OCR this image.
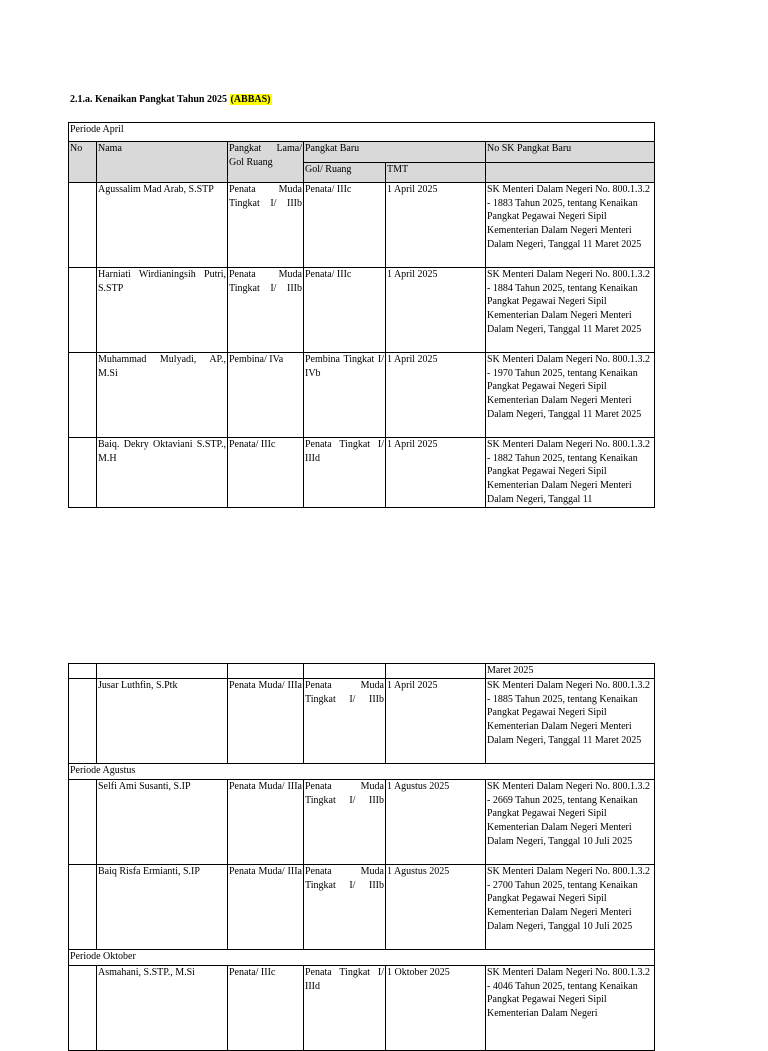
2.1.a. Kenaikan Pangkat Tahun 2025 (ABBAS)
Periode April					
No	Nama	Pangkat Lama/ Gol Ruang	Pangkat Baru		No SK Pangkat Baru
			Gol/ Ruang	TMT	
	Agussalim Mad Arab, S.STP	Penata Muda Tingkat I/ IIIb	Penata/ IIIc	1 April 2025	SK Menteri Dalam Negeri No. 800.1.3.2 - 1883 Tahun 2025, tentang Kenaikan Pangkat Pegawai Negeri Sipil Kementerian Dalam Negeri Menteri Dalam Negeri, Tanggal 11 Maret 2025
	Harniati Wirdianingsih Putri, S.STP	Penata Muda Tingkat I/ IIIb	Penata/ IIIc	1 April 2025	SK Menteri Dalam Negeri No. 800.1.3.2 - 1884 Tahun 2025, tentang Kenaikan Pangkat Pegawai Negeri Sipil Kementerian Dalam Negeri Menteri Dalam Negeri, Tanggal 11 Maret 2025
	Muhammad Mulyadi, AP., M.Si	Pembina/ IVa	Pembina Tingkat I/ IVb	1 April 2025	SK Menteri Dalam Negeri No. 800.1.3.2 - 1970 Tahun 2025, tentang Kenaikan Pangkat Pegawai Negeri Sipil Kementerian Dalam Negeri Menteri Dalam Negeri, Tanggal 11 Maret 2025
	Baiq. Dekry Oktaviani S.STP., M.H	Penata/ IIIc	Penata Tingkat I/ IIId	1 April 2025	SK Menteri Dalam Negeri No. 800.1.3.2 - 1882 Tahun 2025, tentang Kenaikan Pangkat Pegawai Negeri Sipil Kementerian Dalam Negeri Menteri Dalam Negeri, Tanggal 11
					Maret 2025
	Jusar Luthfin, S.Ptk	Penata Muda/ IIIa	Penata Muda Tingkat I/ IIIb	1 April 2025	SK Menteri Dalam Negeri No. 800.1.3.2 - 1885 Tahun 2025, tentang Kenaikan Pangkat Pegawai Negeri Sipil Kementerian Dalam Negeri Menteri Dalam Negeri, Tanggal 11 Maret 2025
Periode Agustus					
	Selfi Ami Susanti, S.IP	Penata Muda/ IIIa	Penata Muda Tingkat I/ IIIb	1 Agustus 2025	SK Menteri Dalam Negeri No. 800.1.3.2 - 2669 Tahun 2025, tentang Kenaikan Pangkat Pegawai Negeri Sipil Kementerian Dalam Negeri Menteri Dalam Negeri, Tanggal 10 Juli 2025
	Baiq Risfa Ermianti, S.IP	Penata Muda/ IIIa	Penata Muda Tingkat I/ IIIb	1 Agustus 2025	SK Menteri Dalam Negeri No. 800.1.3.2 - 2700 Tahun 2025, tentang Kenaikan Pangkat Pegawai Negeri Sipil Kementerian Dalam Negeri Menteri Dalam Negeri, Tanggal 10 Juli 2025
Periode Oktober					
	Asmahani, S.STP., M.Si	Penata/ IIIc	Penata Tingkat I/ IIId	1 Oktober 2025	SK Menteri Dalam Negeri No. 800.1.3.2 - 4046 Tahun 2025, tentang Kenaikan Pangkat Pegawai Negeri Sipil Kementerian Dalam Negeri
